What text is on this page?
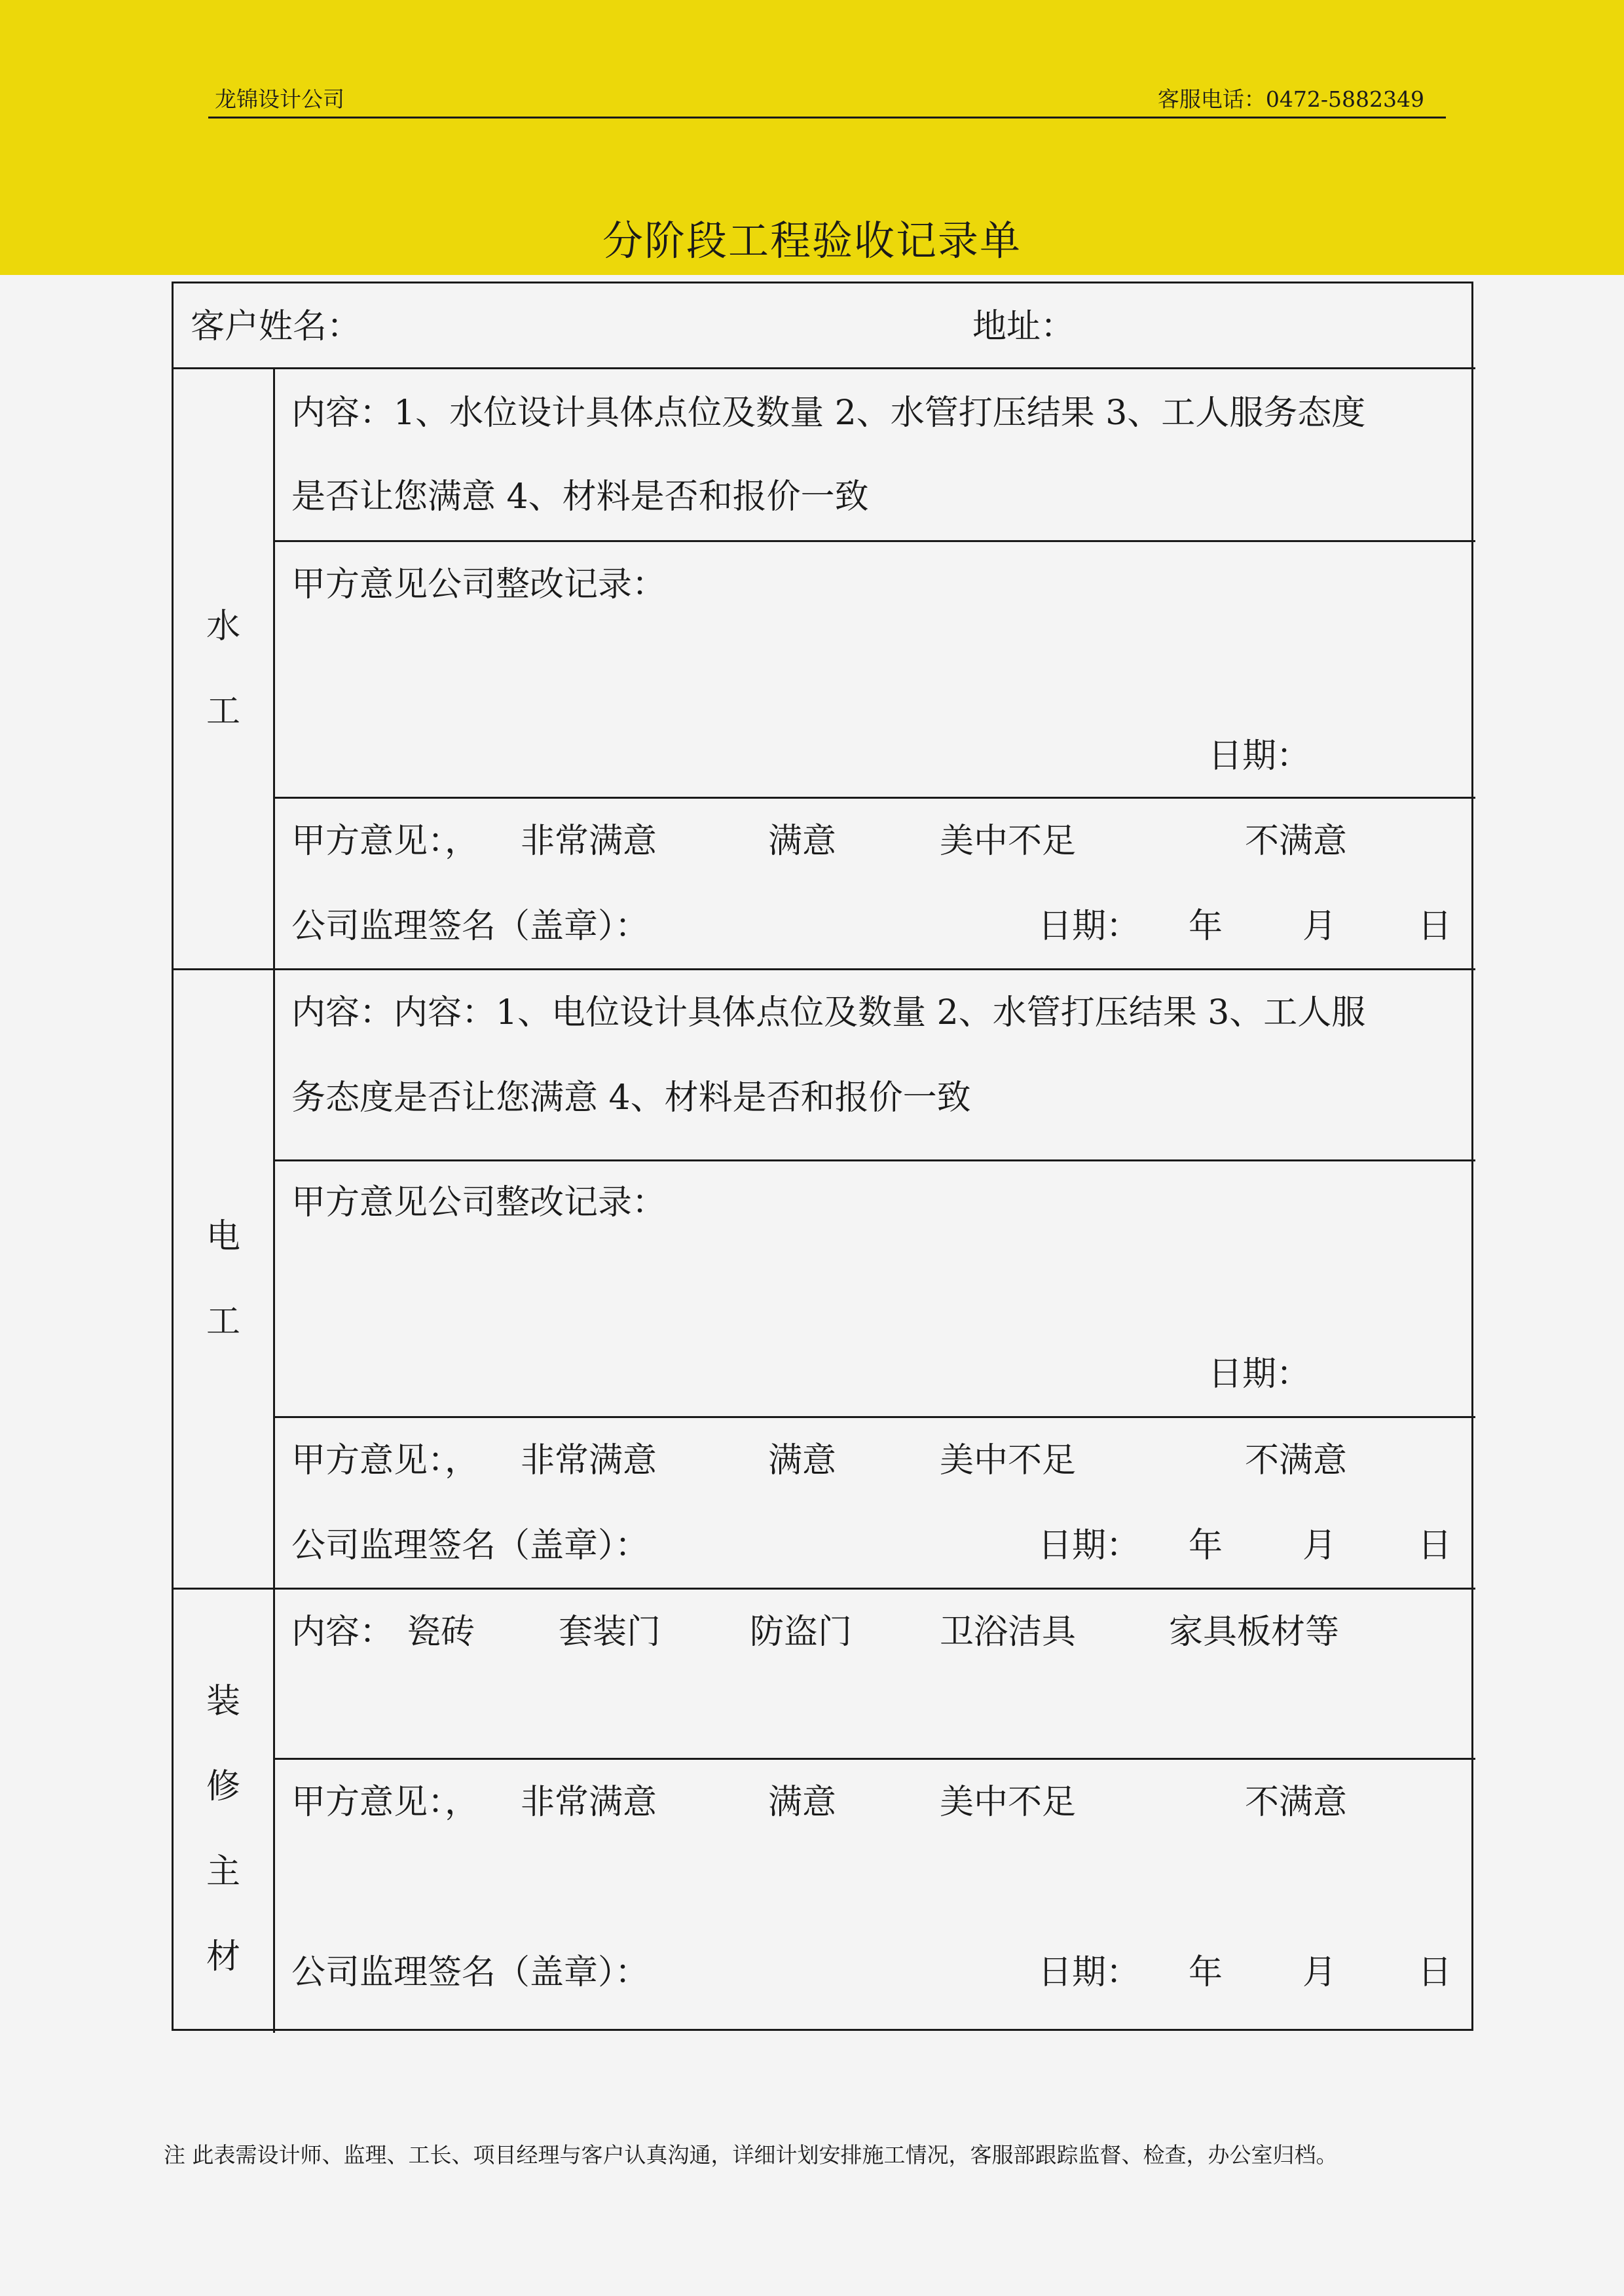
龙锦设计公司	客服电话：0472-5882349
分阶段工程验收记录单
客户姓名：	地址：
水
工
内容：1、水位设计具体点位及数量 2、水管打压结果 3、工人服务态度
是否让您满意 4、材料是否和报价一致
甲方意见公司整改记录：
日期：
甲方意见：， 非常满意	满意	美中不足	不满意
公司监理签名（盖章）：	日期： 年 月 日
电
工
内容：内容：1、电位设计具体点位及数量 2、水管打压结果 3、工人服
务态度是否让您满意 4、材料是否和报价一致
甲方意见公司整改记录：
日期：
甲方意见：， 非常满意	满意	美中不足	不满意
公司监理签名（盖章）：	日期： 年 月 日
装
修
主
材
内容： 瓷砖 套装门	防盗门	卫浴洁具	家具板材等
甲方意见：， 非常满意	满意	美中不足	不满意
公司监理签名（盖章）：	日期： 年 月 日
注 此表需设计师、监理、工长、项目经理与客户认真沟通，详细计划安排施工情况，客服部跟踪监督、检查，办公室归档。
